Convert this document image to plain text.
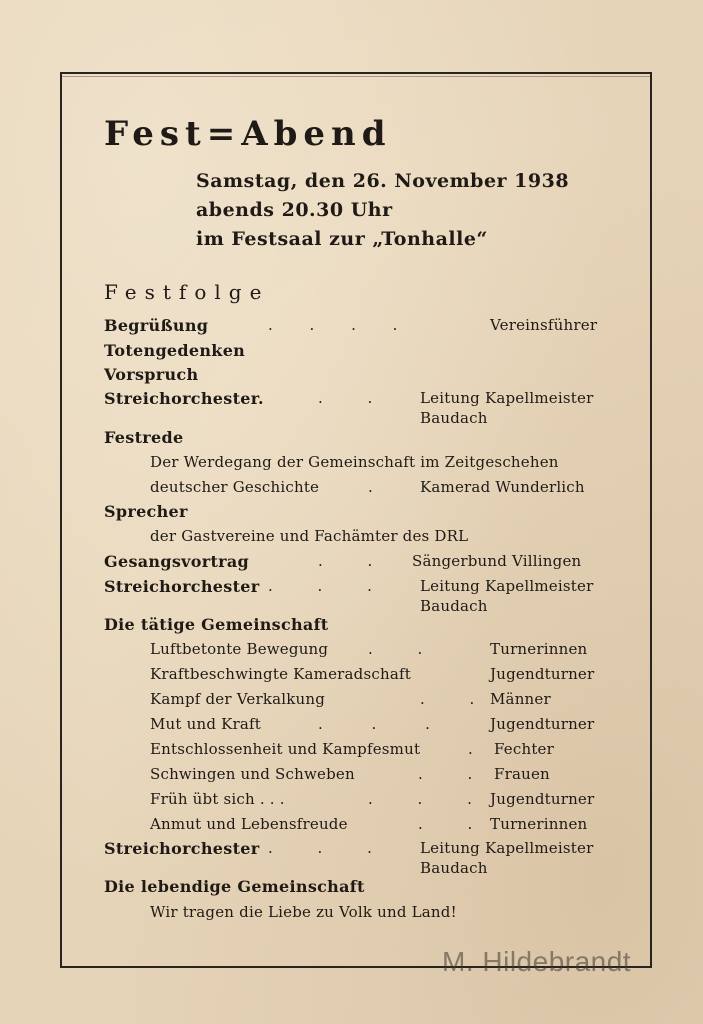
Fest=Abend
Samstag, den 26. November 1938
abends 20.30 Uhr
im Festsaal zur „Tonhalle“
Festfolge
Begrüßung	. . . .	Vereinsführer
Totengedenken
Vorspruch
Streichorchester.	. .	Leitung Kapellmeister
Baudach
Festrede
Der Werdegang der Gemeinschaft im Zeitgeschehen
deutscher Geschichte	.	Kamerad Wunderlich
Sprecher
der Gastvereine und Fachämter des DRL
Gesangsvortrag	. .	Sängerbund Villingen
Streichorchester . . .	Leitung Kapellmeister
Baudach
Die tätige Gemeinschaft
Luftbetonte Bewegung	. .	Turnerinnen
Kraftbeschwingte Kameradschaft	Jugendturner
Kampf der Verkalkung	. . Männer
Mut und Kraft	. . .	Jugendturner
Entschlossenheit und Kampfesmut	. Fechter
Schwingen und Schweben	. . Frauen
Früh übt sich . . .	. . . Jugendturner
Anmut und Lebensfreude	. . Turnerinnen
Streichorchester . . .	Leitung Kapellmeister
Baudach
Die lebendige Gemeinschaft
Wir tragen die Liebe zu Volk und Land!
M. Hildebrandt
